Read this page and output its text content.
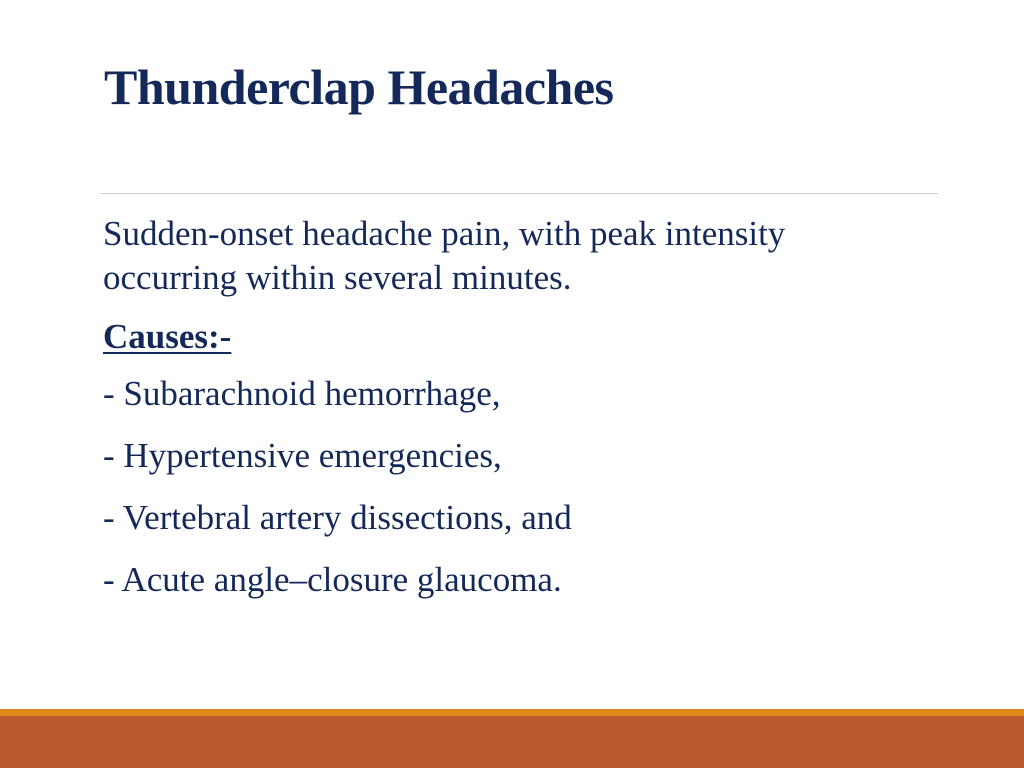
Thunderclap Headaches

Sudden-onset headache pain, with peak intensity occurring within several minutes.

Causes:-

- Subarachnoid hemorrhage,
- Hypertensive emergencies,
- Vertebral artery dissections, and
- Acute angle–closure glaucoma.
